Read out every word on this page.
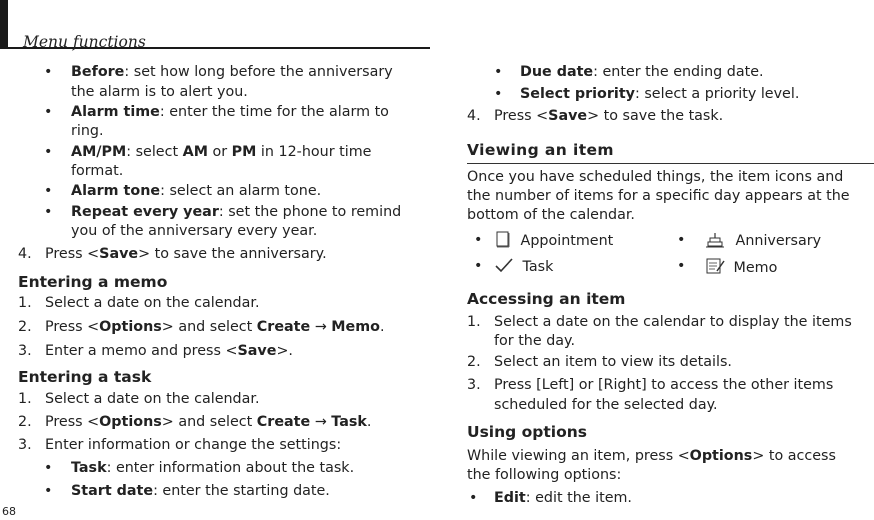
Menu functions
• Before: set how long before the anniversary
the alarm is to alert you.
• Alarm time: enter the time for the alarm to
ring.
• AM/PM: select AM or PM in 12-hour time
format.
• Alarm tone: select an alarm tone.
• Repeat every year: set the phone to remind
you of the anniversary every year.
4. Press <Save> to save the anniversary.
Entering a memo
1. Select a date on the calendar.
2. Press <Options> and select Create → Memo.
3. Enter a memo and press <Save>.
Entering a task
1. Select a date on the calendar.
2. Press <Options> and select Create → Task.
3. Enter information or change the settings:
• Task: enter information about the task.
• Start date: enter the starting date.
• Due date: enter the ending date.
• Select priority: select a priority level.
4. Press <Save> to save the task.
Viewing an item
Once you have scheduled things, the item icons and
the number of items for a specific day appears at the
bottom of the calendar.
•	Appointment	•	Anniversary
•	Task	•	Memo
Accessing an item
1. Select a date on the calendar to display the items
for the day.
2. Select an item to view its details.
3. Press [Left] or [Right] to access the other items
scheduled for the selected day.
Using options
While viewing an item, press <Options> to access
the following options:
• Edit: edit the item.
68
